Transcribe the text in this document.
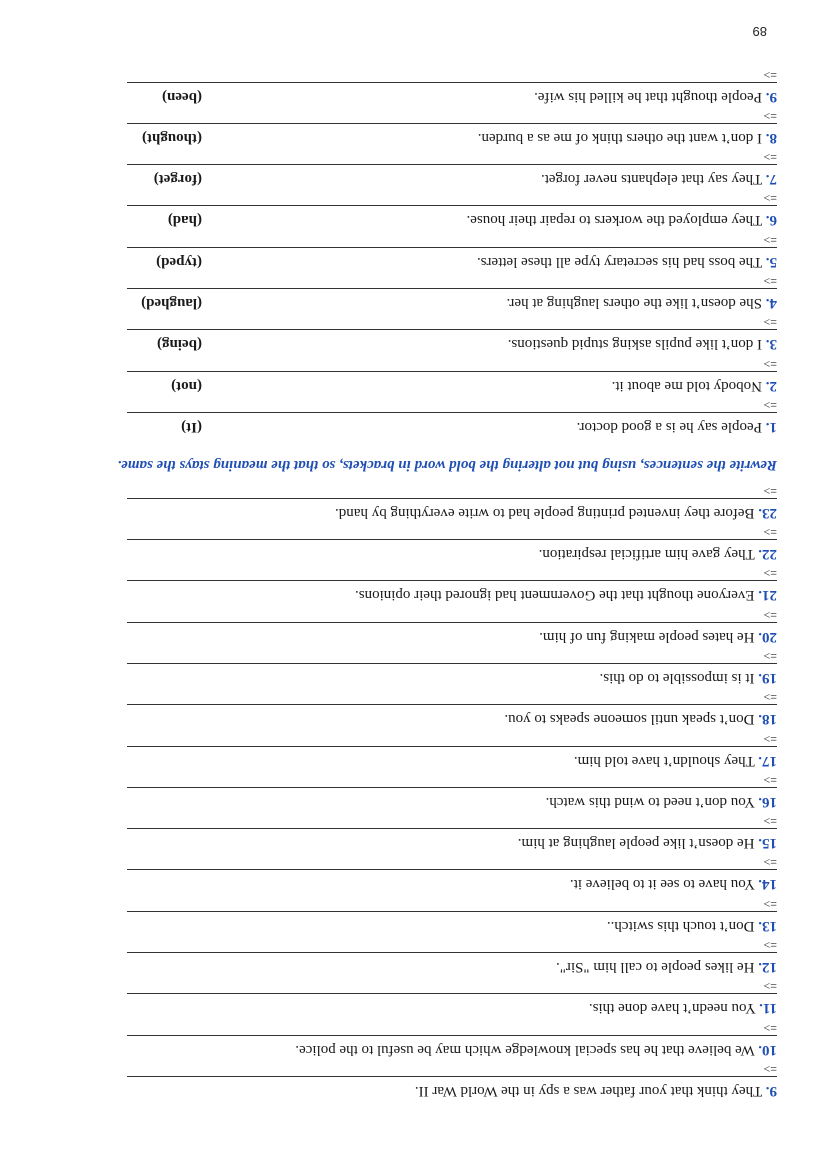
89
9. They think that your father was a spy in the World War II.
=>
10. We believe that he has special knowledge which may be useful to the police.
=>
11. You needn’t have done this.
=>
12. He likes people to call him "Sir".
=>
13. Don’t touch this switch..
=>
14. You have to see it to believe it.
=>
15. He doesn’t like people laughing at him.
=>
16. You don’t need to wind this watch.
=>
17. They shouldn’t have told him.
=>
18. Don’t speak until someone speaks to you.
=>
19. It is impossible to do this.
=>
20. He hates people making fun of him.
=>
21. Everyone thought that the Government had ignored their opinions.
=>
22. They gave him artificial respiration.
=>
23. Before they invented printing people had to write everything by hand.
=>
1. People say he is a good doctor.
(It)
=>
2. Nobody told me about it.
(not)
=>
3. I don’t like pupils asking stupid questions.
(being)
=>
4. She doesn’t like the others laughing at her.
(laughed)
=>
5. The boss had his secretary type all these letters.
(typed)
=>
6. They employed the workers to repair their house.
(had)
=>
7. They say that elephants never forget.
(forget)
=>
8. I don’t want the others think of me as a burden.
(thought)
=>
9. People thought that he killed his wife.
(been)
=>
Rewrite the sentences, using but not altering the bold word in brackets, so that the meaning stays the same.
